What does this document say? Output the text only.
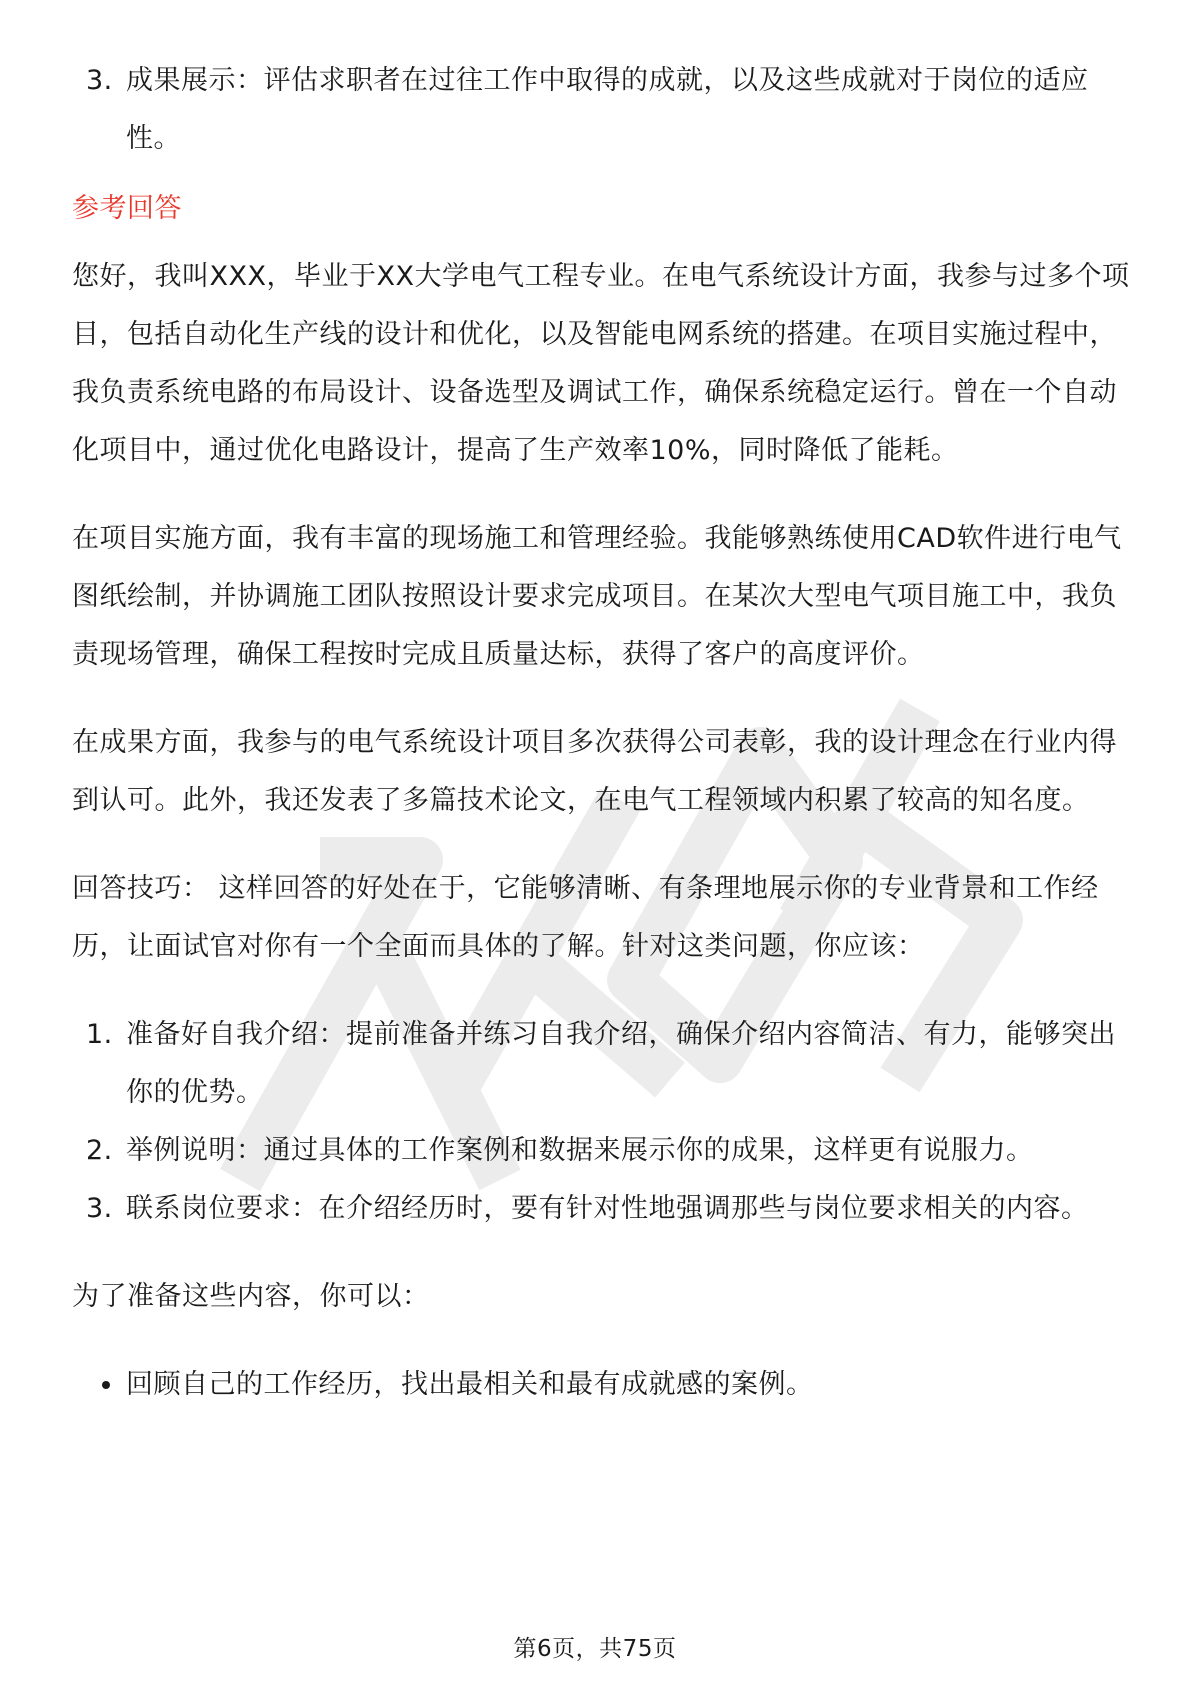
3. 成果展示：评估求职者在过往工作中取得的成就，以及这些成就对于岗位的适应性。
参考回答

您好，我叫XXX，毕业于XX大学电气工程专业。在电气系统设计方面，我参与过多个项目，包括自动化生产线的设计和优化，以及智能电网系统的搭建。在项目实施过程中，我负责系统电路的布局设计、设备选型及调试工作，确保系统稳定运行。曾在一个自动化项目中，通过优化电路设计，提高了生产效率10%，同时降低了能耗。

在项目实施方面，我有丰富的现场施工和管理经验。我能够熟练使用CAD软件进行电气图纸绘制，并协调施工团队按照设计要求完成项目。在某次大型电气项目施工中，我负责现场管理，确保工程按时完成且质量达标，获得了客户的高度评价。

在成果方面，我参与的电气系统设计项目多次获得公司表彰，我的设计理念在行业内得到认可。此外，我还发表了多篇技术论文，在电气工程领域内积累了较高的知名度。

回答技巧： 这样回答的好处在于，它能够清晰、有条理地展示你的专业背景和工作经历，让面试官对你有一个全面而具体的了解。针对这类问题，你应该：

1. 准备好自我介绍：提前准备并练习自我介绍，确保介绍内容简洁、有力，能够突出你的优势。
2. 举例说明：通过具体的工作案例和数据来展示你的成果，这样更有说服力。
3. 联系岗位要求：在介绍经历时，要有针对性地强调那些与岗位要求相关的内容。

为了准备这些内容，你可以：

回顾自己的工作经历，找出最相关和最有成就感的案例。
第6页，共75页
